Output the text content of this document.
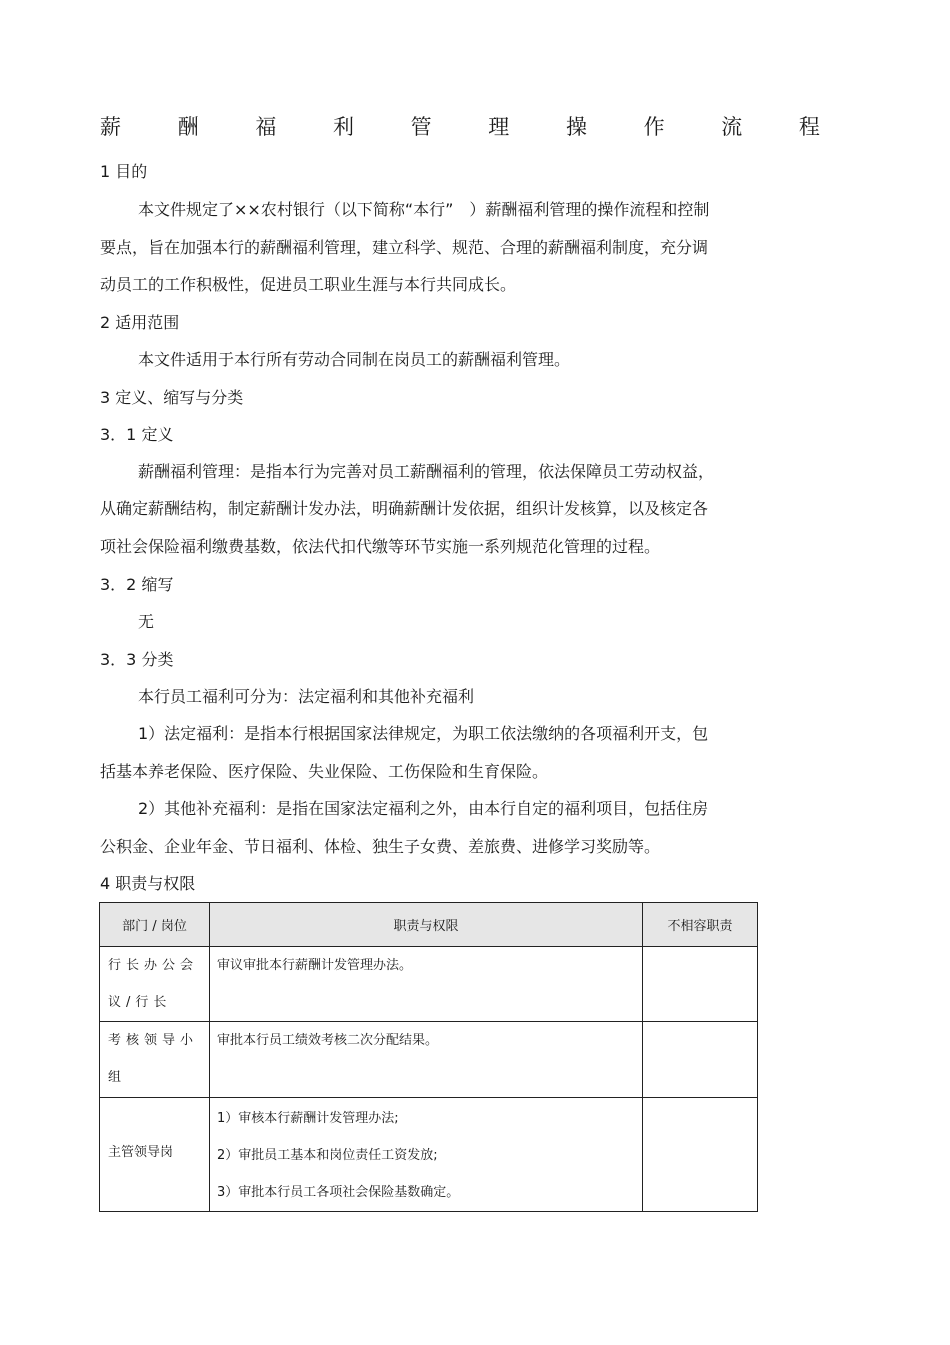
薪	酬	福	利	管	理	操	作	流	程
1 目的
本文件规定了××农村银行（以下简称“本行”　）薪酬福利管理的操作流程和控制
要点，旨在加强本行的薪酬福利管理，建立科学、规范、合理的薪酬福利制度，充分调
动员工的工作积极性，促进员工职业生涯与本行共同成长。
2 适用范围
本文件适用于本行所有劳动合同制在岗员工的薪酬福利管理。
3 定义、缩写与分类
3．1 定义
薪酬福利管理：是指本行为完善对员工薪酬福利的管理，依法保障员工劳动权益，
从确定薪酬结构，制定薪酬计发办法，明确薪酬计发依据，组织计发核算，以及核定各
项社会保险福利缴费基数，依法代扣代缴等环节实施一系列规范化管理的过程。
3．2 缩写
无
3．3 分类
本行员工福利可分为：法定福利和其他补充福利
1）法定福利：是指本行根据国家法律规定，为职工依法缴纳的各项福利开支，包
括基本养老保险、医疗保险、失业保险、工伤保险和生育保险。
2）其他补充福利：是指在国家法定福利之外，由本行自定的福利项目，包括住房
公积金、企业年金、节日福利、体检、独生子女费、差旅费、进修学习奖励等。
4 职责与权限
部门 / 岗位	职责与权限	不相容职责

行长办公会议/行长	审议审批本行薪酬计发管理办法。	

考核领导小组	审批本行员工绩效考核二次分配结果。	

主管领导岗	1）审核本行薪酬计发管理办法;
2）审批员工基本和岗位责任工资发放;
3）审批本行员工各项社会保险基数确定。	
